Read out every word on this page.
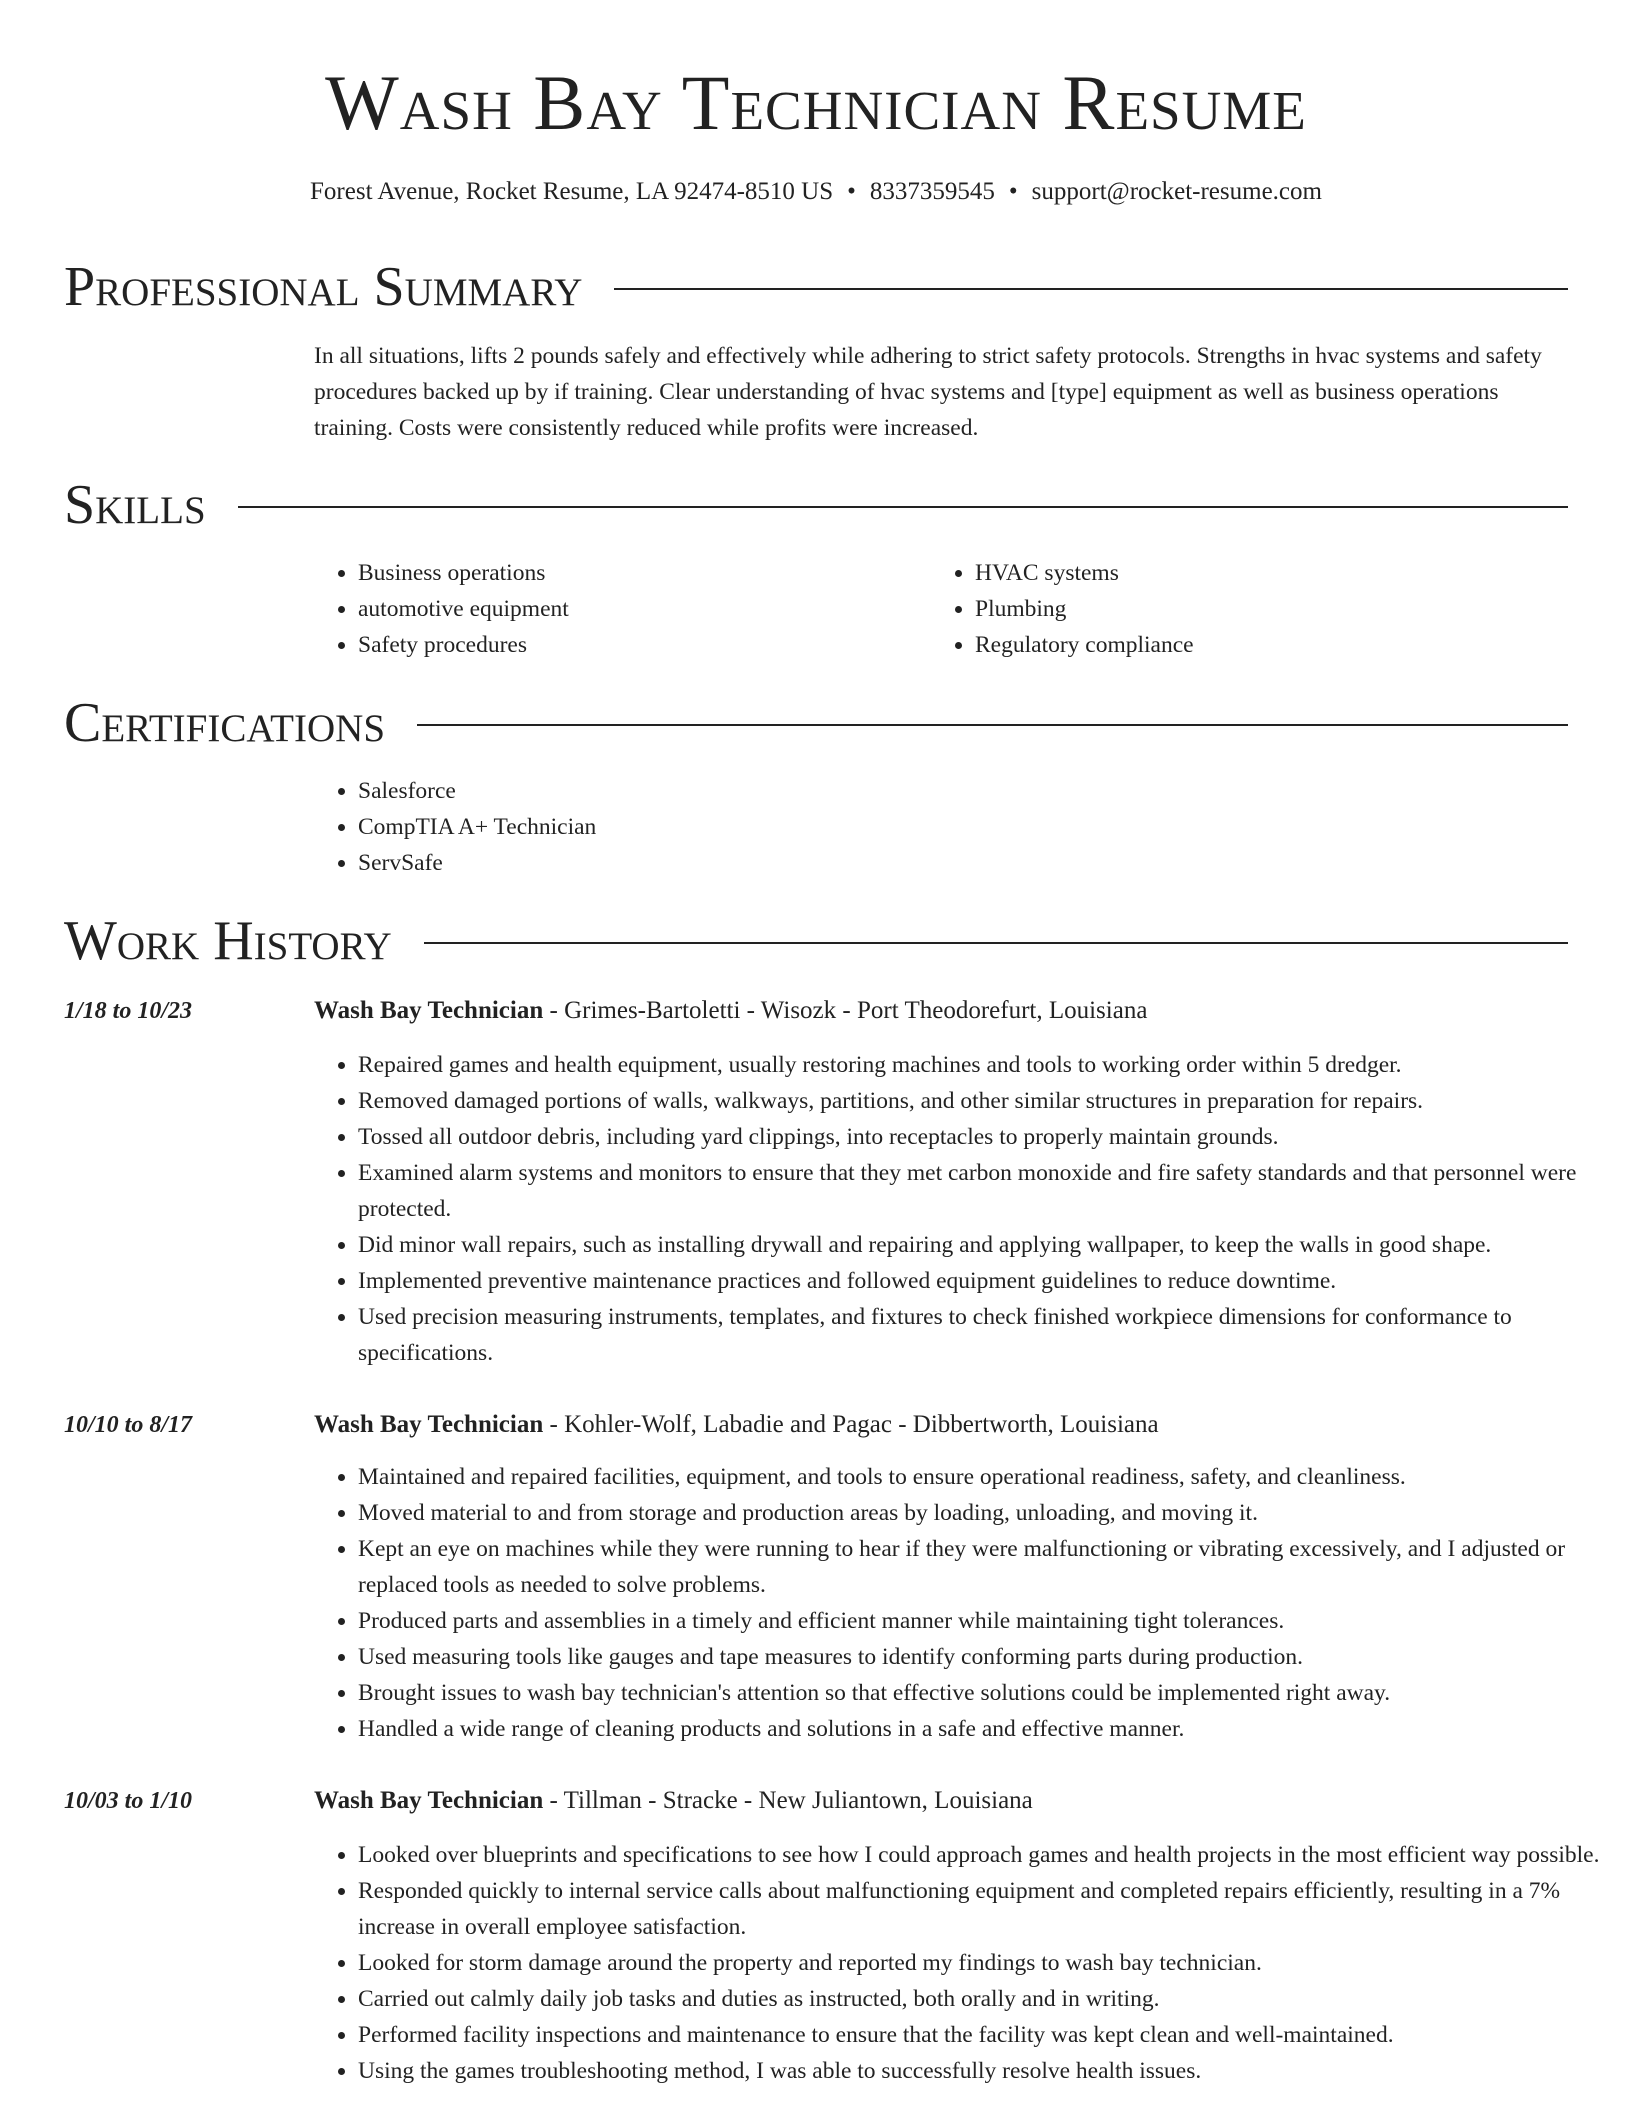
Wash Bay Technician Resume
Forest Avenue, Rocket Resume, LA 92474-8510 US • 8337359545 • support@rocket-resume.com
Professional Summary

In all situations, lifts 2 pounds safely and effectively while adhering to strict safety protocols. Strengths in hvac systems and safety procedures backed up by if training. Clear understanding of hvac systems and [type] equipment as well as business operations training. Costs were consistently reduced while profits were increased.

Skills
• Business operations
• automotive equipment
• Safety procedures
• HVAC systems
• Plumbing
• Regulatory compliance
Certifications
• Salesforce
• CompTIA A+ Technician
• ServSafe
Work History
1/18 to 10/23	Wash Bay Technician - Grimes-Bartoletti - Wisozk - Port Theodorefurt, Louisiana
• Repaired games and health equipment, usually restoring machines and tools to working order within 5 dredger.
• Removed damaged portions of walls, walkways, partitions, and other similar structures in preparation for repairs.
• Tossed all outdoor debris, including yard clippings, into receptacles to properly maintain grounds.
• Examined alarm systems and monitors to ensure that they met carbon monoxide and fire safety standards and that personnel were protected.
• Did minor wall repairs, such as installing drywall and repairing and applying wallpaper, to keep the walls in good shape.
• Implemented preventive maintenance practices and followed equipment guidelines to reduce downtime.
• Used precision measuring instruments, templates, and fixtures to check finished workpiece dimensions for conformance to specifications.
10/10 to 8/17	Wash Bay Technician - Kohler-Wolf, Labadie and Pagac - Dibbertworth, Louisiana
• Maintained and repaired facilities, equipment, and tools to ensure operational readiness, safety, and cleanliness.
• Moved material to and from storage and production areas by loading, unloading, and moving it.
• Kept an eye on machines while they were running to hear if they were malfunctioning or vibrating excessively, and I adjusted or replaced tools as needed to solve problems.
• Produced parts and assemblies in a timely and efficient manner while maintaining tight tolerances.
• Used measuring tools like gauges and tape measures to identify conforming parts during production.
• Brought issues to wash bay technician's attention so that effective solutions could be implemented right away.
• Handled a wide range of cleaning products and solutions in a safe and effective manner.
10/03 to 1/10	Wash Bay Technician - Tillman - Stracke - New Juliantown, Louisiana
• Looked over blueprints and specifications to see how I could approach games and health projects in the most efficient way possible.
• Responded quickly to internal service calls about malfunctioning equipment and completed repairs efficiently, resulting in a 7% increase in overall employee satisfaction.
• Looked for storm damage around the property and reported my findings to wash bay technician.
• Carried out calmly daily job tasks and duties as instructed, both orally and in writing.
• Performed facility inspections and maintenance to ensure that the facility was kept clean and well-maintained.
• Using the games troubleshooting method, I was able to successfully resolve health issues.
